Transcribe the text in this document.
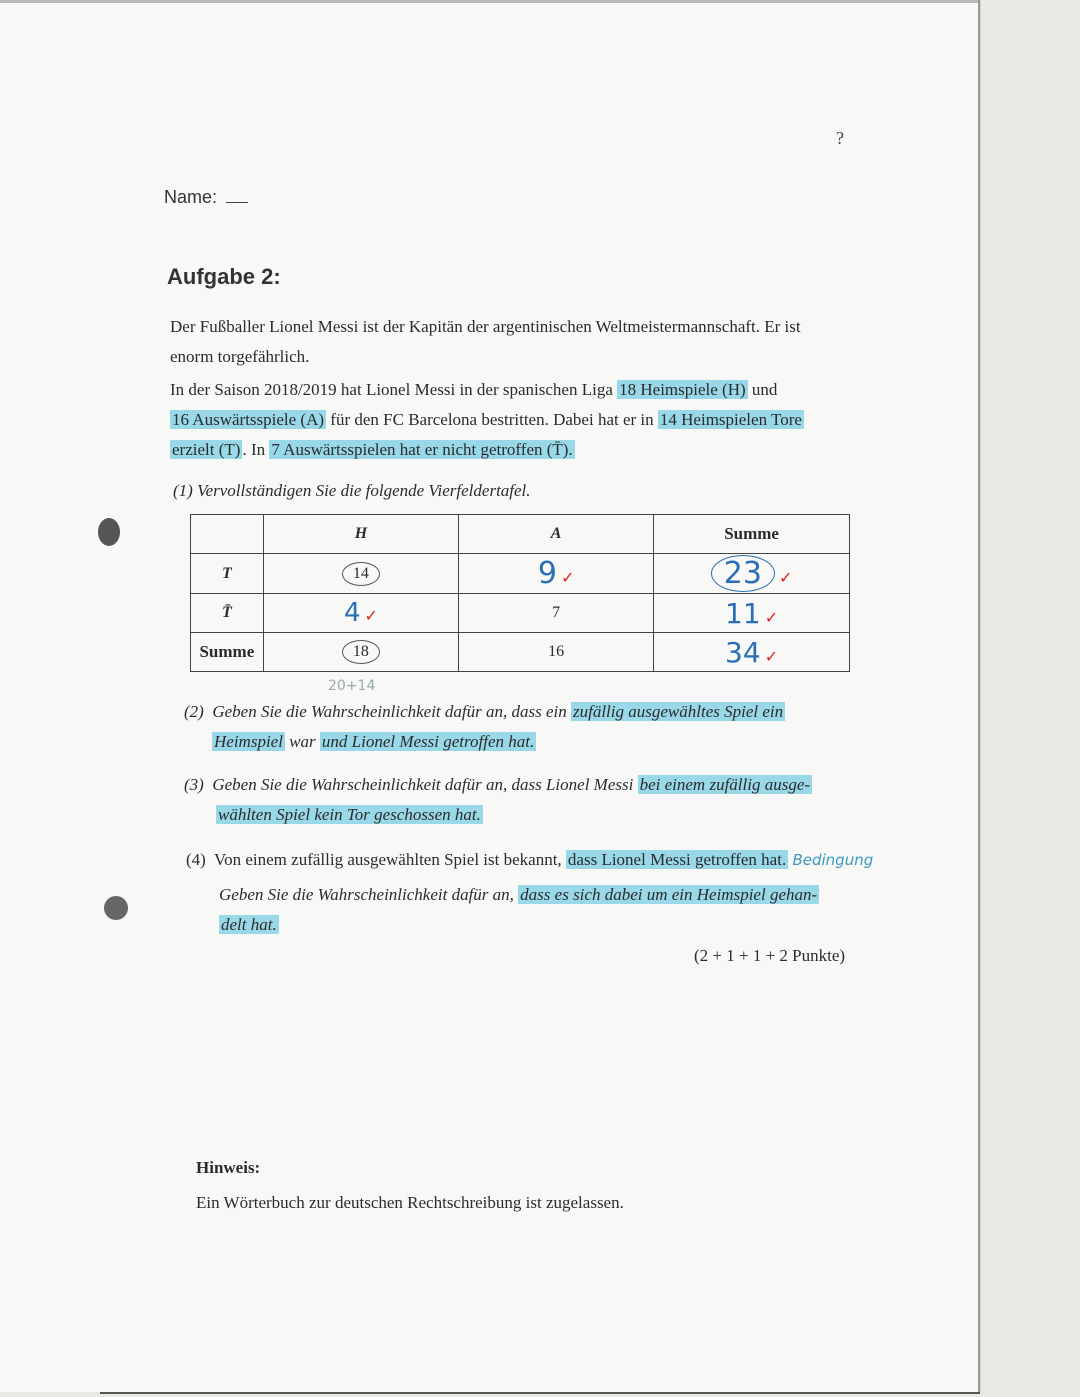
?
Name:
Aufgabe 2:
Der Fußballer Lionel Messi ist der Kapitän der argentinischen Weltmeistermannschaft. Er ist
enorm torgefährlich.
In der Saison 2018/2019 hat Lionel Messi in der spanischen Liga 18 Heimspiele (H) und
16 Auswärtsspiele (A) für den FC Barcelona bestritten. Dabei hat er in 14 Heimspielen Tore
erzielt (T) . In 7 Auswärtsspielen hat er nicht getroffen (T̄).
(1) Vervollständigen Sie die folgende Vierfeldertafel.
	H	A	Summe
T	14	9 ✓	23 ✓
T̄	4 ✓	7	11 ✓
Summe	18	16	34 ✓
20+14
(2) Geben Sie die Wahrscheinlichkeit dafür an, dass ein zufällig ausgewähltes Spiel ein
Heimspiel war und Lionel Messi getroffen hat.
(3) Geben Sie die Wahrscheinlichkeit dafür an, dass Lionel Messi bei einem zufällig ausge-
wählten Spiel kein Tor geschossen hat.
(4) Von einem zufällig ausgewählten Spiel ist bekannt, dass Lionel Messi getroffen hat. Bedingung
Geben Sie die Wahrscheinlichkeit dafür an, dass es sich dabei um ein Heimspiel gehan-
delt hat.
(2 + 1 + 1 + 2 Punkte)
Hinweis:
Ein Wörterbuch zur deutschen Rechtschreibung ist zugelassen.
